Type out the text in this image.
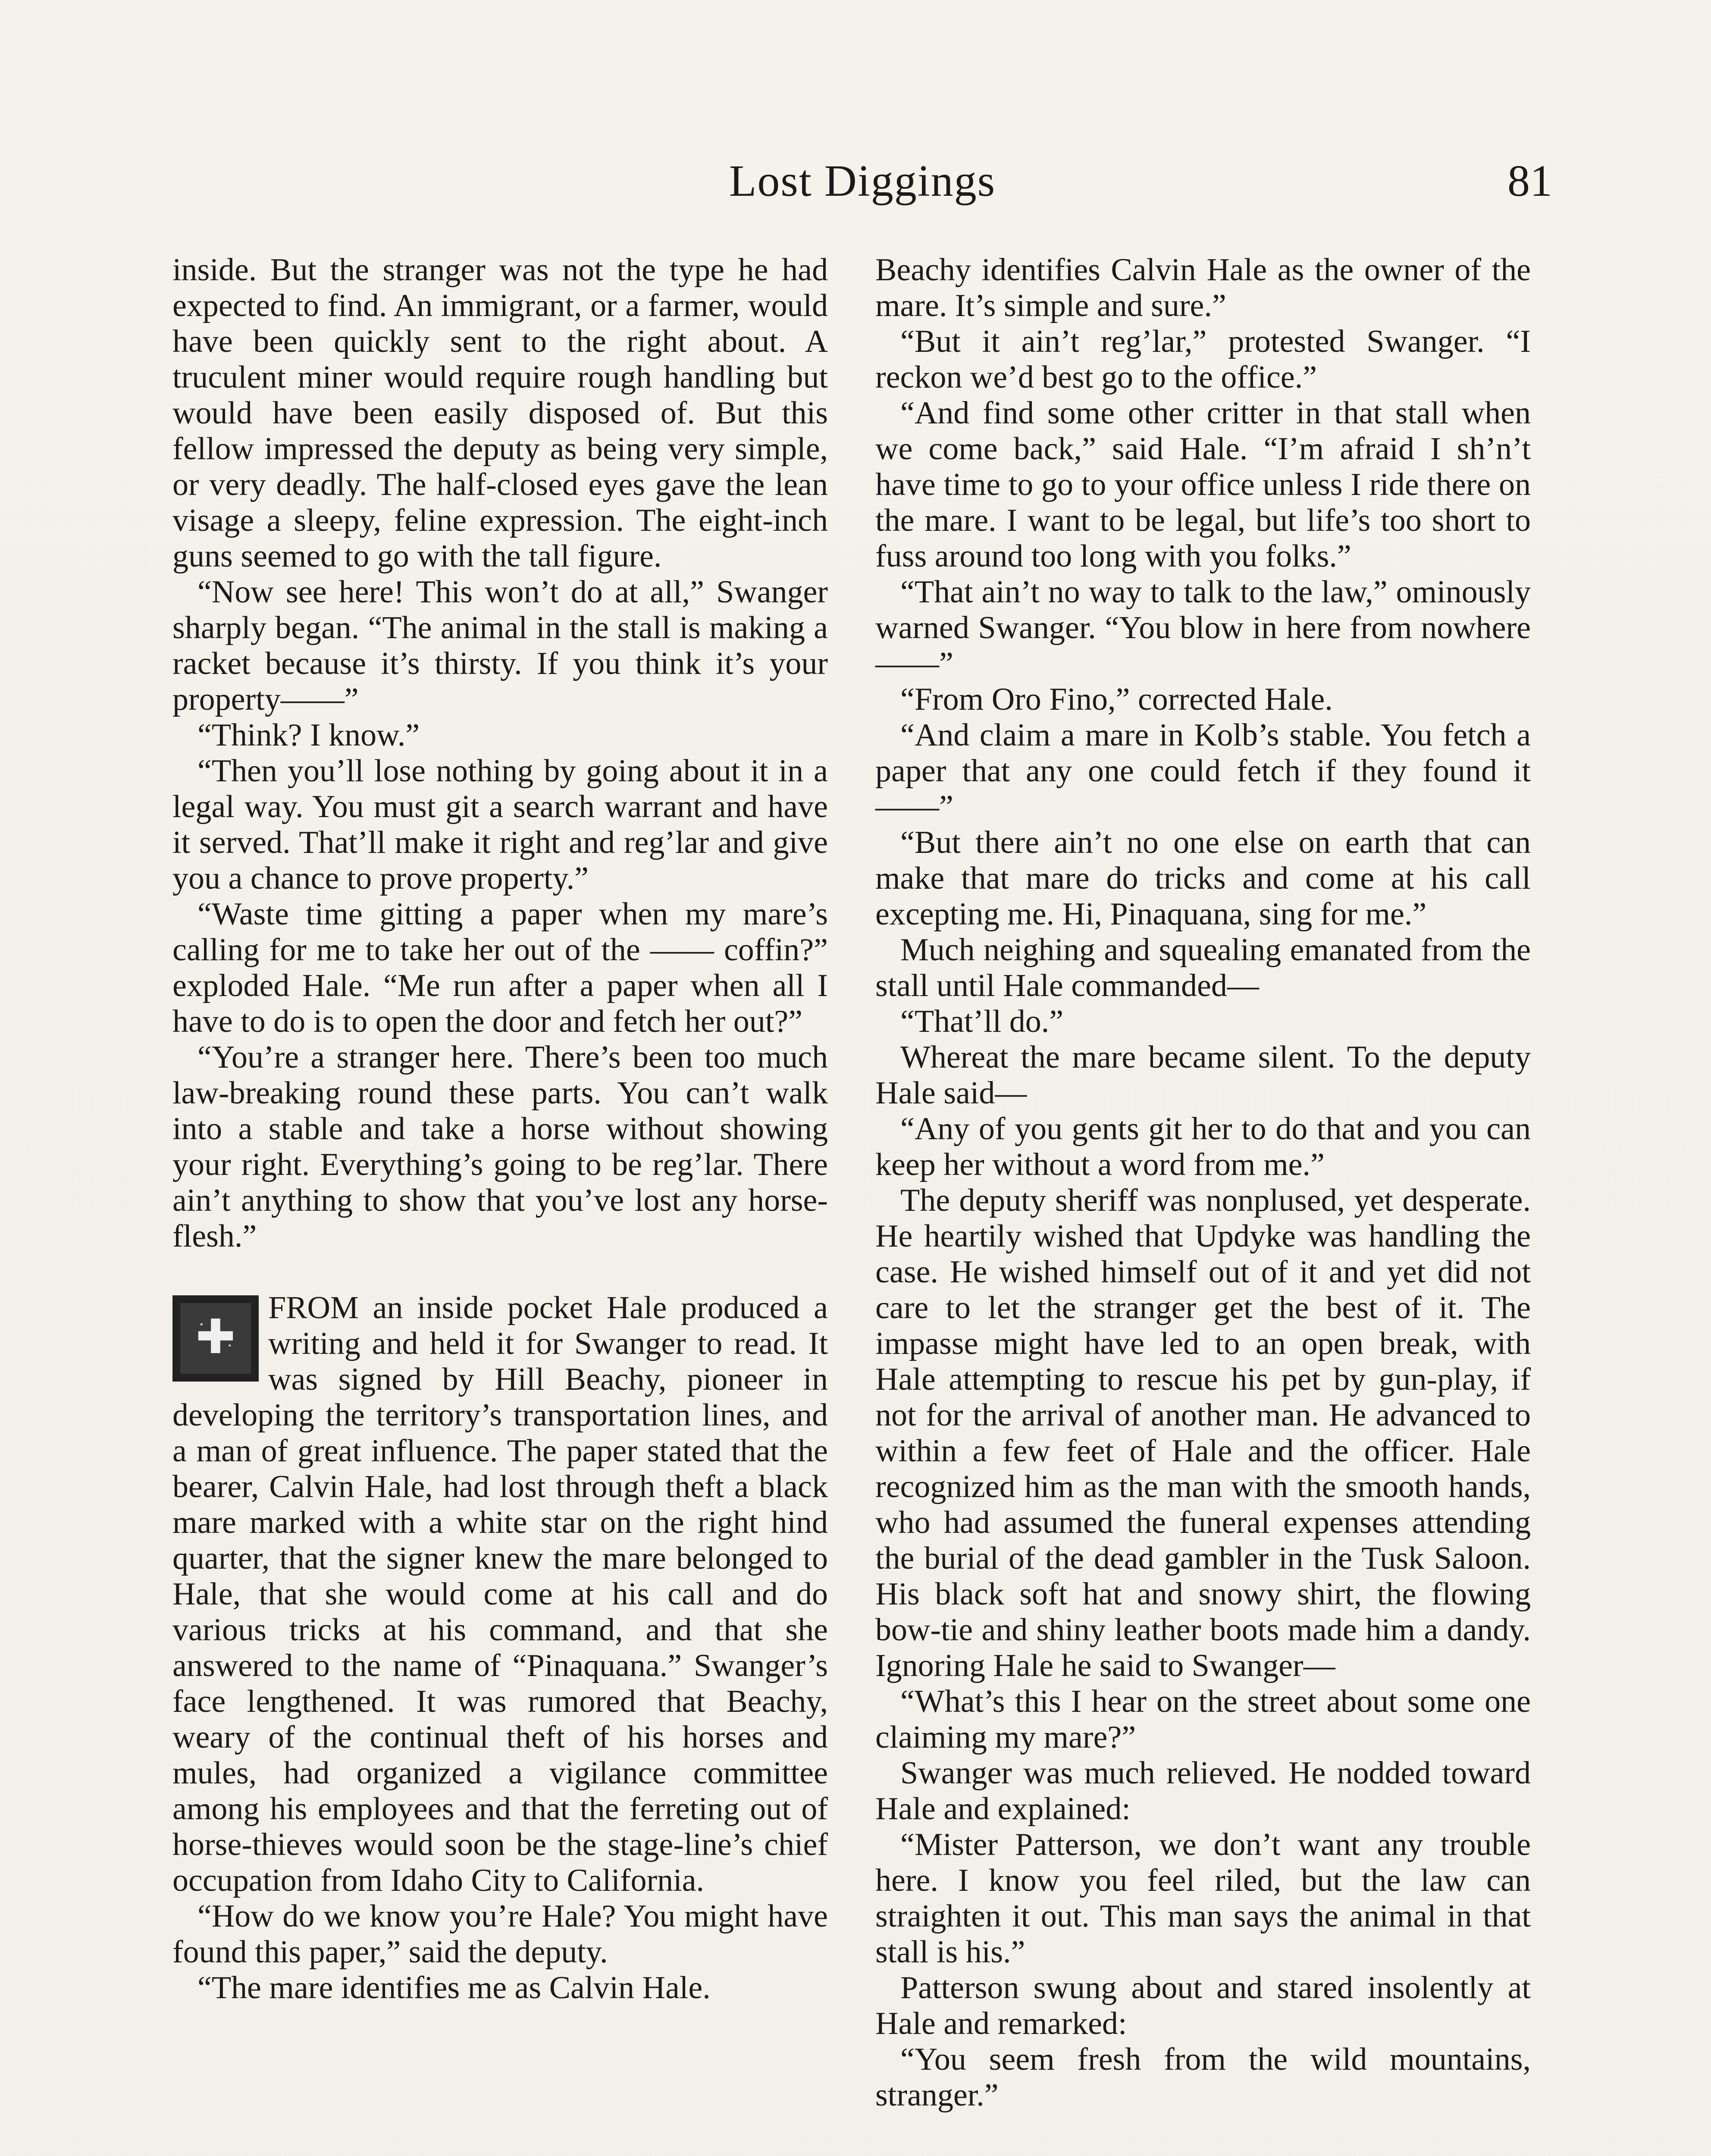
Lost Diggings	81

inside. But the stranger was not the type he had expected to find. An immigrant, or a farmer, would have been quickly sent to the right about. A truculent miner would require rough handling but would have been easily disposed of. But this fellow impressed the deputy as being very simple, or very deadly. The half-closed eyes gave the lean visage a sleepy, feline expression. The eight-inch guns seemed to go with the tall figure.

“Now see here! This won’t do at all,” Swanger sharply began. “The animal in the stall is making a racket because it’s thirsty. If you think it’s your property——”

“Think? I know.”

“Then you’ll lose nothing by going about it in a legal way. You must git a search warrant and have it served. That’ll make it right and reg’lar and give you a chance to prove property.”

“Waste time gitting a paper when my mare’s calling for me to take her out of the —— coffin?” exploded Hale. “Me run after a paper when all I have to do is to open the door and fetch her out?”

“You’re a stranger here. There’s been too much law-breaking round these parts. You can’t walk into a stable and take a horse without showing your right. Everything’s going to be reg’lar. There ain’t anything to show that you’ve lost any horse-flesh.”

✚

FROM an inside pocket Hale produced a writing and held it for Swanger to read. It was signed by Hill Beachy, pioneer in developing the territory’s transportation lines, and a man of great influence. The paper stated that the bearer, Calvin Hale, had lost through theft a black mare marked with a white star on the right hind quarter, that the signer knew the mare belonged to Hale, that she would come at his call and do various tricks at his command, and that she answered to the name of “Pinaquana.” Swanger’s face lengthened. It was rumored that Beachy, weary of the continual theft of his horses and mules, had organized a vigilance committee among his employees and that the ferreting out of horse-thieves would soon be the stage-line’s chief occupation from Idaho City to California.

“How do we know you’re Hale? You might have found this paper,” said the deputy.

“The mare identifies me as Calvin Hale.

Beachy identifies Calvin Hale as the owner of the mare. It’s simple and sure.”

“But it ain’t reg’lar,” protested Swanger. “I reckon we’d best go to the office.”

“And find some other critter in that stall when we come back,” said Hale. “I’m afraid I sh’n’t have time to go to your office unless I ride there on the mare. I want to be legal, but life’s too short to fuss around too long with you folks.”

“That ain’t no way to talk to the law,” ominously warned Swanger. “You blow in here from nowhere——”

“From Oro Fino,” corrected Hale.

“And claim a mare in Kolb’s stable. You fetch a paper that any one could fetch if they found it——”

“But there ain’t no one else on earth that can make that mare do tricks and come at his call excepting me. Hi, Pinaquana, sing for me.”

Much neighing and squealing emanated from the stall until Hale commanded—

“That’ll do.”

Whereat the mare became silent. To the deputy Hale said—

“Any of you gents git her to do that and you can keep her without a word from me.”

The deputy sheriff was nonplused, yet desperate. He heartily wished that Updyke was handling the case. He wished himself out of it and yet did not care to let the stranger get the best of it. The impasse might have led to an open break, with Hale attempting to rescue his pet by gun-play, if not for the arrival of another man. He advanced to within a few feet of Hale and the officer. Hale recognized him as the man with the smooth hands, who had assumed the funeral expenses attending the burial of the dead gambler in the Tusk Saloon. His black soft hat and snowy shirt, the flowing bow-tie and shiny leather boots made him a dandy. Ignoring Hale he said to Swanger—

“What’s this I hear on the street about some one claiming my mare?”

Swanger was much relieved. He nodded toward Hale and explained:

“Mister Patterson, we don’t want any trouble here. I know you feel riled, but the law can straighten it out. This man says the animal in that stall is his.”

Patterson swung about and stared insolently at Hale and remarked:

“You seem fresh from the wild mountains, stranger.”
